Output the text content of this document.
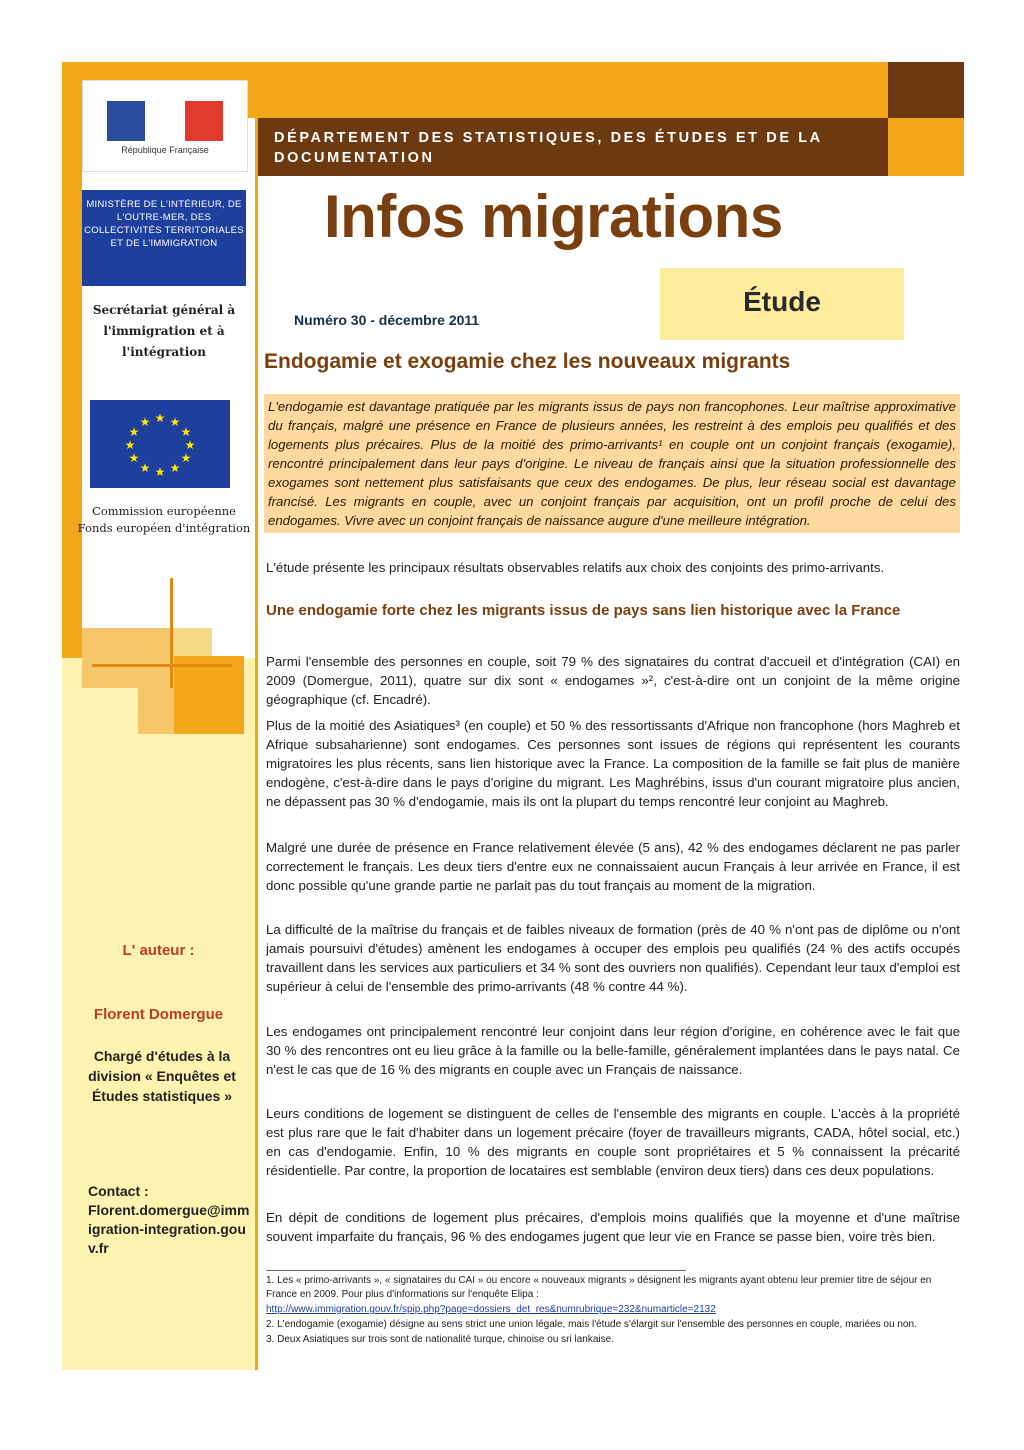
DÉPARTEMENT DES STATISTIQUES, DES ÉTUDES ET DE LA DOCUMENTATION
République Française
MINISTÈRE DE L'INTÉRIEUR, DE L'OUTRE-MER, DES COLLECTIVITÉS TERRITORIALES ET DE L'IMMIGRATION
Secrétariat général à l'immigration et à l'intégration
★ ★
★
★
★
★
★
★
★
★
★
★
Commission européenne
Fonds européen d'intégration
L' auteur :
Florent Domergue
Chargé d'études à la division « Enquêtes et Études statistiques »
Contact :
Florent.domergue@immigration-integration.gouv.fr
Infos migrations
Étude
Numéro 30 - décembre 2011
Endogamie et exogamie chez les nouveaux migrants
L'endogamie est davantage pratiquée par les migrants issus de pays non francophones. Leur maîtrise approximative du français, malgré une présence en France de plusieurs années, les restreint à des emplois peu qualifiés et des logements plus précaires. Plus de la moitié des primo-arrivants¹ en couple ont un conjoint français (exogamie), rencontré principalement dans leur pays d'origine. Le niveau de français ainsi que la situation professionnelle des exogames sont nettement plus satisfaisants que ceux des endogames. De plus, leur réseau social est davantage francisé. Les migrants en couple, avec un conjoint français par acquisition, ont un profil proche de celui des endogames. Vivre avec un conjoint français de naissance augure d'une meilleure intégration.
L'étude présente les principaux résultats observables relatifs aux choix des conjoints des primo-arrivants.
Une endogamie forte chez les migrants issus de pays sans lien historique avec la France
Parmi l'ensemble des personnes en couple, soit 79 % des signataires du contrat d'accueil et d'intégration (CAI) en 2009 (Domergue, 2011), quatre sur dix sont « endogames »², c'est-à-dire ont un conjoint de la même origine géographique (cf. Encadré).
Plus de la moitié des Asiatiques³ (en couple) et 50 % des ressortissants d'Afrique non francophone (hors Maghreb et Afrique subsaharienne) sont endogames. Ces personnes sont issues de régions qui représentent les courants migratoires les plus récents, sans lien historique avec la France. La composition de la famille se fait plus de manière endogène, c'est-à-dire dans le pays d'origine du migrant. Les Maghrébins, issus d'un courant migratoire plus ancien, ne dépassent pas 30 % d'endogamie, mais ils ont la plupart du temps rencontré leur conjoint au Maghreb.
Malgré une durée de présence en France relativement élevée (5 ans), 42 % des endogames déclarent ne pas parler correctement le français. Les deux tiers d'entre eux ne connaissaient aucun Français à leur arrivée en France, il est donc possible qu'une grande partie ne parlait pas du tout français au moment de la migration.
La difficulté de la maîtrise du français et de faibles niveaux de formation (près de 40 % n'ont pas de diplôme ou n'ont jamais poursuivi d'études) amènent les endogames à occuper des emplois peu qualifiés (24 % des actifs occupés travaillent dans les services aux particuliers et 34 % sont des ouvriers non qualifiés). Cependant leur taux d'emploi est supérieur à celui de l'ensemble des primo-arrivants (48 % contre 44 %).
Les endogames ont principalement rencontré leur conjoint dans leur région d'origine, en cohérence avec le fait que 30 % des rencontres ont eu lieu grâce à la famille ou la belle-famille, généralement implantées dans le pays natal. Ce n'est le cas que de 16 % des migrants en couple avec un Français de naissance.
Leurs conditions de logement se distinguent de celles de l'ensemble des migrants en couple. L'accès à la propriété est plus rare que le fait d'habiter dans un logement précaire (foyer de travailleurs migrants, CADA, hôtel social, etc.) en cas d'endogamie. Enfin, 10 % des migrants en couple sont propriétaires et 5 % connaissent la précarité résidentielle. Par contre, la proportion de locataires est semblable (environ deux tiers) dans ces deux populations.
En dépit de conditions de logement plus précaires, d'emplois moins qualifiés que la moyenne et d'une maîtrise souvent imparfaite du français, 96 % des endogames jugent que leur vie en France se passe bien, voire très bien.
1. Les « primo-arrivants », « signataires du CAI » ou encore « nouveaux migrants » désignent les migrants ayant obtenu leur premier titre de séjour en France en 2009. Pour plus d'informations sur l'enquête Elipa :
http://www.immigration.gouv.fr/spip.php?page=dossiers_det_res&numrubrique=232&numarticle=2132
2. L'endogamie (exogamie) désigne au sens strict une union légale, mais l'étude s'élargit sur l'ensemble des personnes en couple, mariées ou non.
3. Deux Asiatiques sur trois sont de nationalité turque, chinoise ou sri lankaise.
